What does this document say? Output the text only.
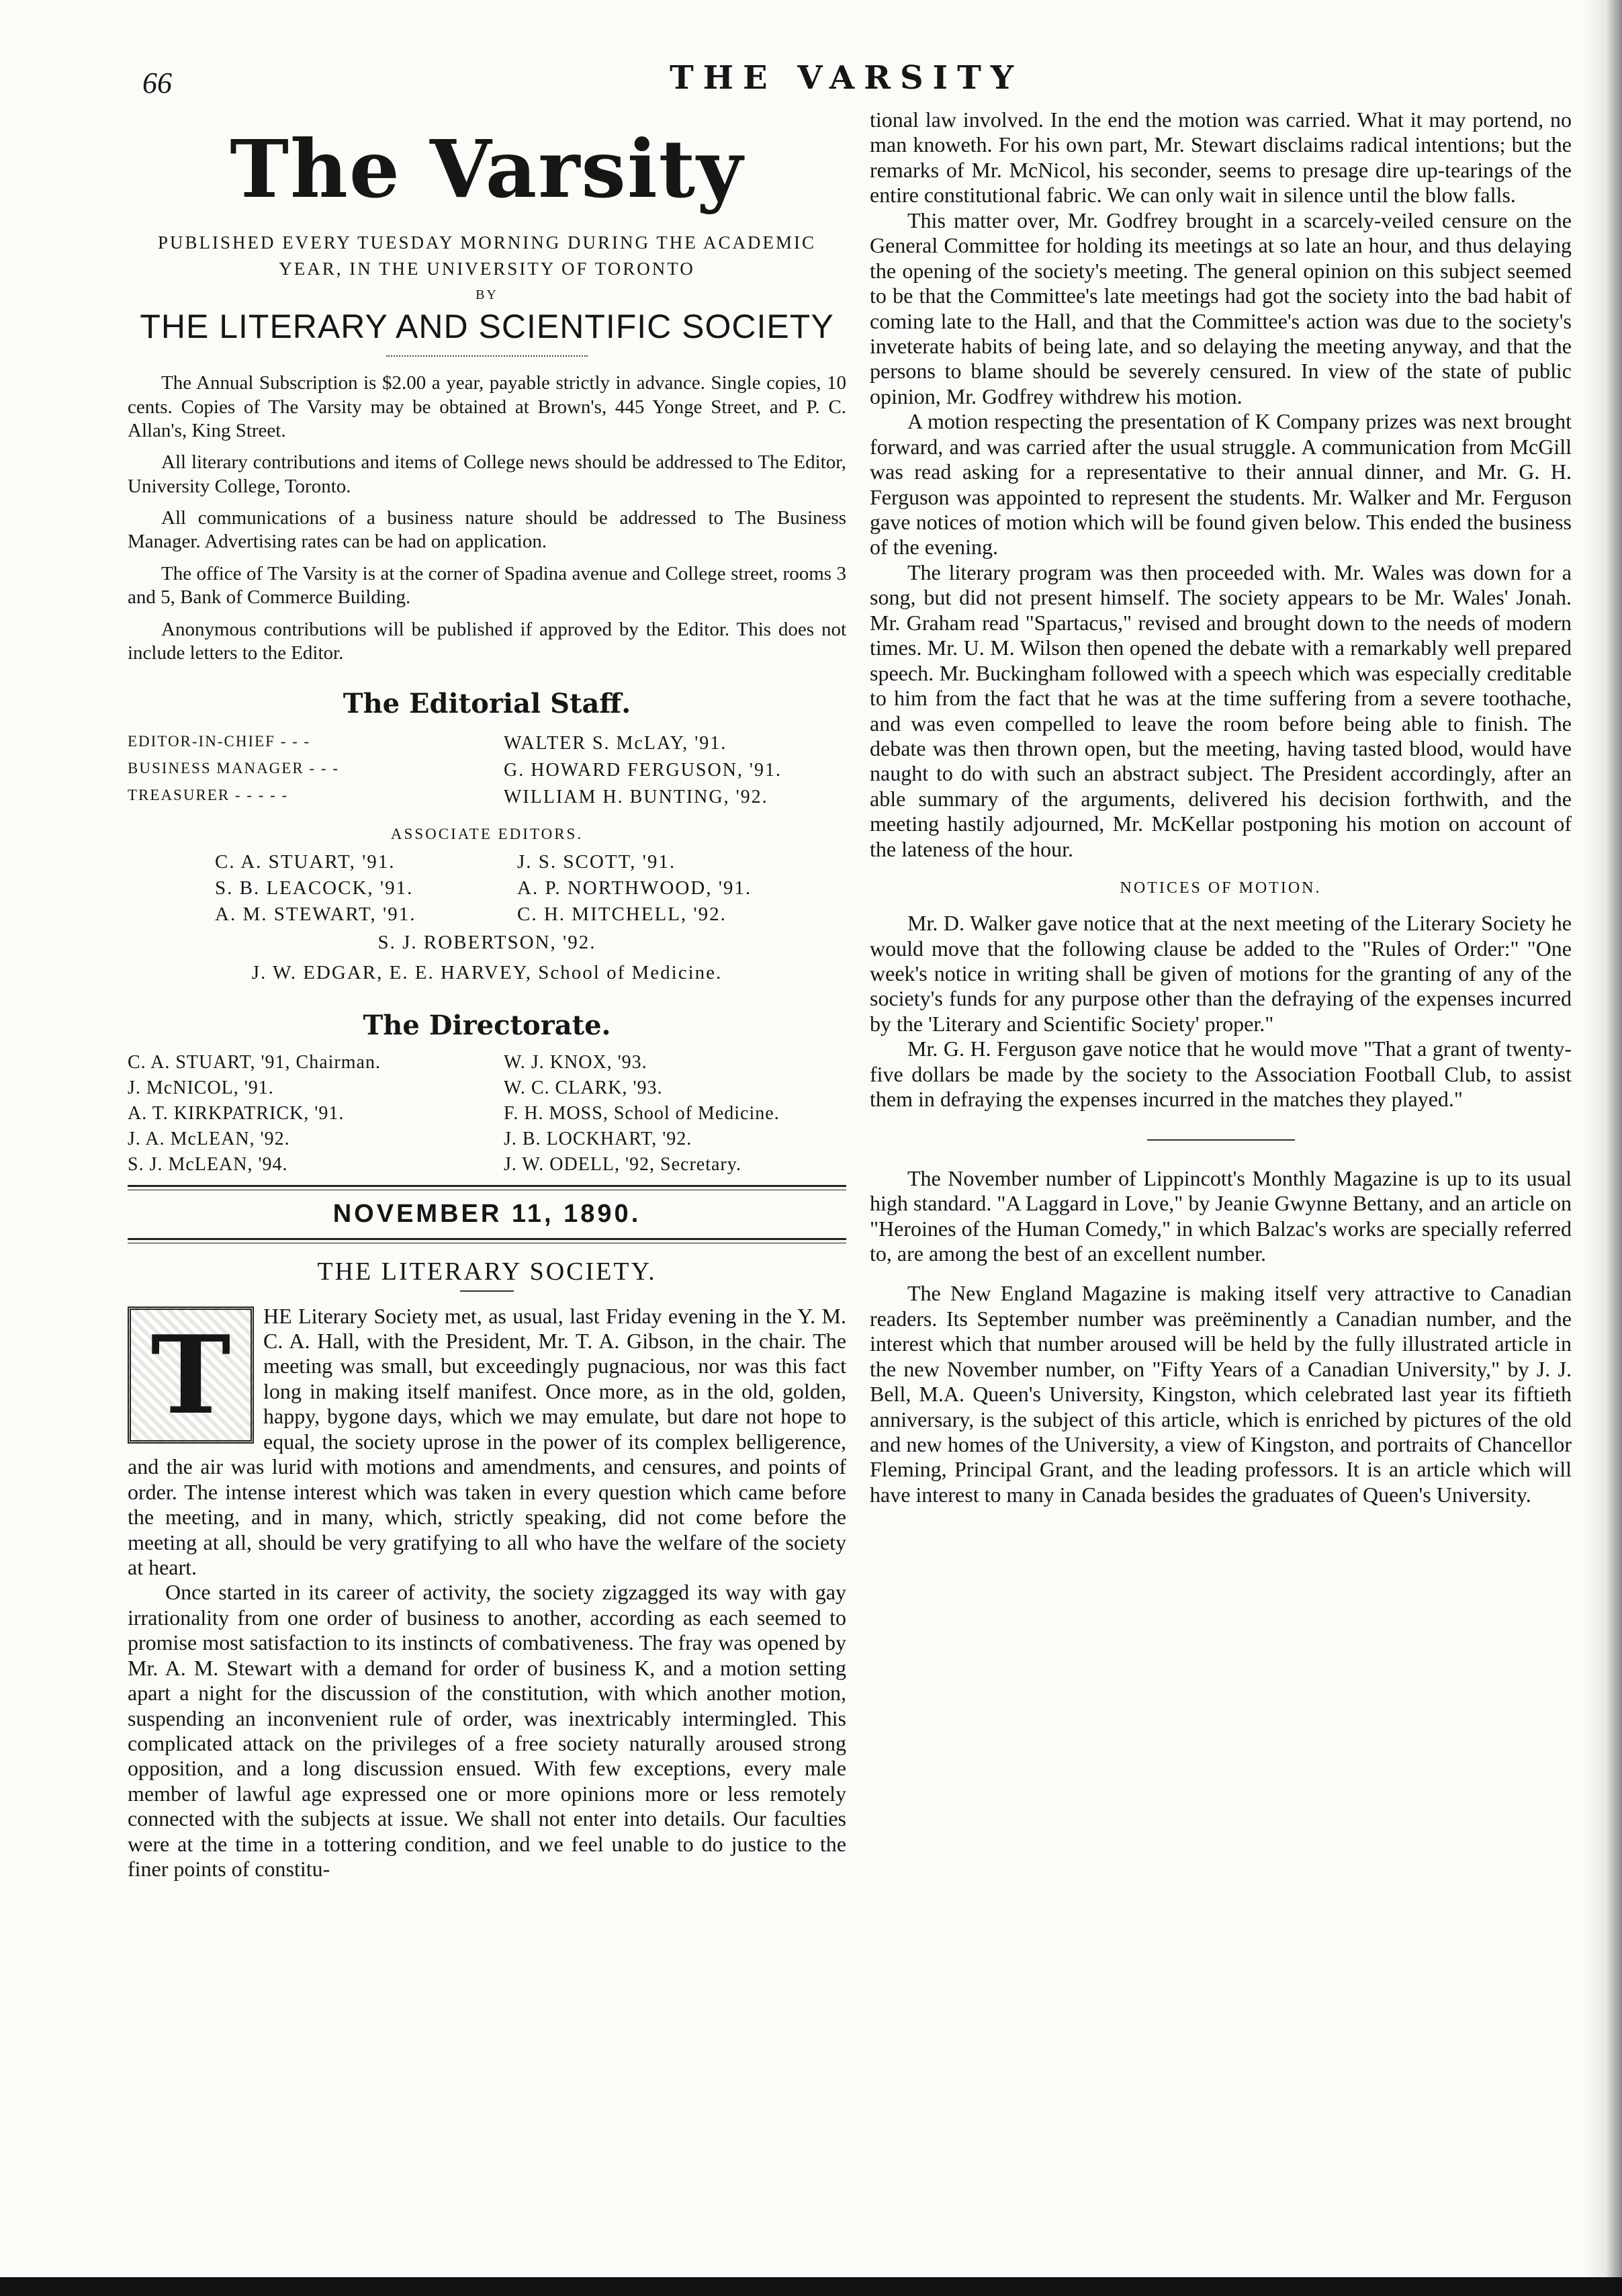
66	THE VARSITY
The Varsity
PUBLISHED EVERY TUESDAY MORNING DURING THE ACADEMIC YEAR, IN THE UNIVERSITY OF TORONTO
BY
THE LITERARY AND SCIENTIFIC SOCIETY

The Annual Subscription is $2.00 a year, payable strictly in advance. Single copies, 10 cents. Copies of The Varsity may be obtained at Brown's, 445 Yonge Street, and P. C. Allan's, King Street.

All literary contributions and items of College news should be addressed to The Editor, University College, Toronto.

All communications of a business nature should be addressed to The Business Manager. Advertising rates can be had on application.

The office of The Varsity is at the corner of Spadina avenue and College street, rooms 3 and 5, Bank of Commerce Building.

Anonymous contributions will be published if approved by the Editor. This does not include letters to the Editor.

The Editorial Staff.
EDITOR-IN-CHIEF - - -	WALTER S. McLAY, '91.
BUSINESS MANAGER - - -	G. HOWARD FERGUSON, '91.
TREASURER - - - - -	WILLIAM H. BUNTING, '92.
ASSOCIATE EDITORS.
C. A. STUART, '91.	J. S. SCOTT, '91.
S. B. LEACOCK, '91.	A. P. NORTHWOOD, '91.
A. M. STEWART, '91.	C. H. MITCHELL, '92.
S. J. ROBERTSON, '92.
J. W. EDGAR, E. E. HARVEY, School of Medicine.
The Directorate.
C. A. STUART, '91, Chairman.	W. J. KNOX, '93.
J. McNICOL, '91.	W. C. CLARK, '93.
A. T. KIRKPATRICK, '91.	F. H. MOSS, School of Medicine.
J. A. McLEAN, '92.	J. B. LOCKHART, '92.
S. J. McLEAN, '94.	J. W. ODELL, '92, Secretary.
NOVEMBER 11, 1890.
THE LITERARY SOCIETY.
T	HE Literary Society met, as usual, last Friday evening in the Y. M. C. A. Hall, with the President, Mr. T. A. Gibson, in the chair. The meeting was small, but exceedingly pugnacious, nor was this fact long in making itself manifest. Once more, as in the old, golden, happy, bygone days, which we may emulate, but dare not hope to equal, the society uprose in the power of its complex belligerence, and the air was lurid with motions and amendments, and censures, and points of order. The intense interest which was taken in every question which came before the meeting, and in many, which, strictly speaking, did not come before the meeting at all, should be very gratifying to all who have the welfare of the society at heart.

Once started in its career of activity, the society zigzagged its way with gay irrationality from one order of business to another, according as each seemed to promise most satisfaction to its instincts of combativeness. The fray was opened by Mr. A. M. Stewart with a demand for order of business K, and a motion setting apart a night for the discussion of the constitution, with which another motion, suspending an inconvenient rule of order, was inextricably intermingled. This complicated attack on the privileges of a free society naturally aroused strong opposition, and a long discussion ensued. With few exceptions, every male member of lawful age expressed one or more opinions more or less remotely connected with the subjects at issue. We shall not enter into details. Our faculties were at the time in a tottering condition, and we feel unable to do justice to the finer points of constitu-

tional law involved. In the end the motion was carried. What it may portend, no man knoweth. For his own part, Mr. Stewart disclaims radical intentions; but the remarks of Mr. McNicol, his seconder, seems to presage dire up-tearings of the entire constitutional fabric. We can only wait in silence until the blow falls.

This matter over, Mr. Godfrey brought in a scarcely-veiled censure on the General Committee for holding its meetings at so late an hour, and thus delaying the opening of the society's meeting. The general opinion on this subject seemed to be that the Committee's late meetings had got the society into the bad habit of coming late to the Hall, and that the Committee's action was due to the society's inveterate habits of being late, and so delaying the meeting anyway, and that the persons to blame should be severely censured. In view of the state of public opinion, Mr. Godfrey withdrew his motion.

A motion respecting the presentation of K Company prizes was next brought forward, and was carried after the usual struggle. A communication from McGill was read asking for a representative to their annual dinner, and Mr. G. H. Ferguson was appointed to represent the students. Mr. Walker and Mr. Ferguson gave notices of motion which will be found given below. This ended the business of the evening.

The literary program was then proceeded with. Mr. Wales was down for a song, but did not present himself. The society appears to be Mr. Wales' Jonah. Mr. Graham read "Spartacus," revised and brought down to the needs of modern times. Mr. U. M. Wilson then opened the debate with a remarkably well prepared speech. Mr. Buckingham followed with a speech which was especially creditable to him from the fact that he was at the time suffering from a severe toothache, and was even compelled to leave the room before being able to finish. The debate was then thrown open, but the meeting, having tasted blood, would have naught to do with such an abstract subject. The President accordingly, after an able summary of the arguments, delivered his decision forthwith, and the meeting hastily adjourned, Mr. McKellar postponing his motion on account of the lateness of the hour.

NOTICES OF MOTION.

Mr. D. Walker gave notice that at the next meeting of the Literary Society he would move that the following clause be added to the "Rules of Order:" "One week's notice in writing shall be given of motions for the granting of any of the society's funds for any purpose other than the defraying of the expenses incurred by the 'Literary and Scientific Society' proper."

Mr. G. H. Ferguson gave notice that he would move "That a grant of twenty-five dollars be made by the society to the Association Football Club, to assist them in defraying the expenses incurred in the matches they played."

The November number of Lippincott's Monthly Magazine is up to its usual high standard. "A Laggard in Love," by Jeanie Gwynne Bettany, and an article on "Heroines of the Human Comedy," in which Balzac's works are specially referred to, are among the best of an excellent number.

The New England Magazine is making itself very attractive to Canadian readers. Its September number was preëminently a Canadian number, and the interest which that number aroused will be held by the fully illustrated article in the new November number, on "Fifty Years of a Canadian University," by J. J. Bell, M.A. Queen's University, Kingston, which celebrated last year its fiftieth anniversary, is the subject of this article, which is enriched by pictures of the old and new homes of the University, a view of Kingston, and portraits of Chancellor Fleming, Principal Grant, and the leading professors. It is an article which will have interest to many in Canada besides the graduates of Queen's University.
